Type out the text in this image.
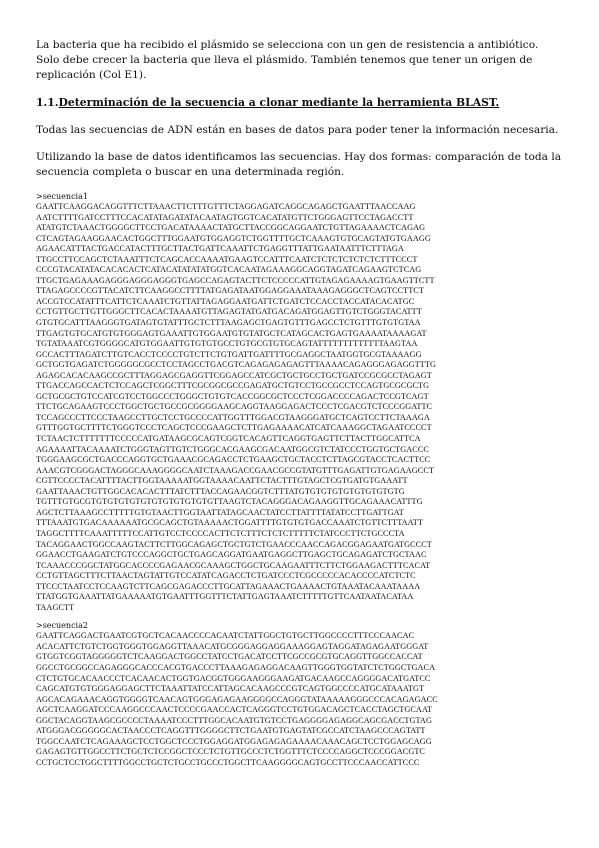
La bacteria que ha recibido el plásmido se selecciona con un gen de resistencia a antibiótico. Solo debe crecer la bacteria que lleva el plásmido. También tenemos que tener un origen de replicación (Col E1).

1.1.Determinación de la secuencia a clonar mediante la herramienta BLAST.

Todas las secuencias de ADN están en bases de datos para poder tener la información necesaria.

Utilizando la base de datos identificamos las secuencias. Hay dos formas: comparación de toda la secuencia completa o buscar en una determinada región.

>secuencia1

GAATTCAAGGACAGGTTTCTTAAACTTCTTTGTTTCTAGGAGATCAGGCAGAGCTGAATTTAACCAAG
AATCTTTTGATCCTTTCCACATATAGATATACAATAGTGGTCACATATGTTCTGGGAGTTCCTAGACCTT
ATATGTCTAAACTGGGGCTTCCTGACATAAAACTATGCTTACCGGCAGGAATCTGTTAGAAAACTCAGAG
CTCAGTAGAAGGAACACTGGCTTTGGAATGTGGAGGTCTGGTTTTGCTCAAAGTGTGCAGTATGTGAAGG
AGAACATTTACTGACCATACTTTGCTTACTGATTCAAATTCTGAGGTTTATTGAATAATTTCTTTAGA
TTGCCTTCCAGCTCTAAATTTCTCAGCACCAAAATGAAGTCCATTTCAATCTCTCTCTCTCTCTTTCCCT
CCCGTACATATACACACACTCATACATATATATGGTCACAATAGAAAGGCAGGTAGATCAGAAGTCTCAG
TTGCTGAGAAAGAGGGAGGGAGGGTGAGCCAGAGTACTTCTCCCCCATTGTAGAGAAAAGTGAAGTTCTT
TTAGAGCCCCGTTACATCTTCAAGGCCTTTTATGAGATAATGGAGGAAATAAAGAGGGCTCAGTCCTTCT
ACCGTCCATATTTCATTCTCAAATCTGTTATTAGAGGAATGATTCTGATCTCCACCTACCATACACATGC
CCTGTTGCTTGTTGGGCTTCACACTAAAATGTTAGAGTATGATGACAGATGGAGTTGTCTGGGTACATTT
GTGTGCATTTAAGGGTGATAGTGTATTTGCTCTTTAAGAGCTGAGTGTTTGAGCCTCTGTTTGTGTGTAA
TTGAGTGTGCATGTGTGGGAGTGAAATTGTGGAATGTGTATGCTCATAGCACTGAGTGAAAATAAAAGAT
TGTATAAATCGTGGGGCATGTGGAATTGTGTGTGCCTGTGCGTGTGCAGTATTTTTTTTTTTTTAAGTAA
GCCACTTTAGATCTTGTCACCTCCCCTGTCTTCTGTGATTGATTTTGCGAGGCTAATGGTGCGTAAAAGG
GCTGGTGAGATCTGGGGGCGCCTCCTAGCCTGACGTCAGAGAGAGAGTTTAAAACAGAGGGAGAGGTTTG
AGAGCACACAAGCCGCTTTAGGAGCGAGGTTCGGAGCCATCGCTGCTGCCTGCTGATCCGCGCCTAGAGT
TTGACCAGCCACTCTCCAGCTCGGCTTTCGCGGCGCCGAGATGCTGTCCTGCCGCCTCCAGTGCGCGCTG
GCTGCGCTGTCCATCGTCCTGGCCCTGGGCTGTGTCACCGGCGCTCCCTCGGACCCCAGACTCCGTCAGT
TTCTGCAGAAGTCCCTGGCTGCTGCCGCGGGGAAGCAGGTAAGGAGACTCCCTCGACGTCTCCCGGATTC
TCCAGCCCTTCCCTAAGCCTTGCTCCTGCCCCATTGGTTTGGACGTAAGGGATGCTCAGTCCTTCTAAAGA
GTTTGGTGCTTTTCTGGGTCCCTCAGCTCCCGAAGCTCTTGAGAAAACATCATCAAAGGCTAGAATCCCCT
TCTAACTCTTTTTTTCCCCCATGATAAGCGCAGTCGGTCACAGTTCAGGTGAGTTCTTACTTGGCATTCA
AGAAAATTACAAAATCTGGGTAGTTGTCTGGGCACGAAGCGACAATGGCGTCTATCCCTGGTGCTGACCC
TGGGAAGCGCTGACCCAGGTGCTGAAACGCAGACCTCTGAAGCTGCTACCTCTTAGCGTACCTCACTTCC
AAACGTCGGGACTAGGGCAAAGGGGCAATCTAAAGACCGAACGCCGTATGTTTGAGATTGTGAGAAGCCT
CGTTCCCCTACATTTTACTTGGTAAAAATGGTAAAACAATTCTACTTTGTAGCTCGTGATGTGAAATT
GAATTAAACTGTTGGCACACACTTTATCTTTACCAGAACGGTCTTTATGTGTGTGTGTGTGTGTGTG
TGTTTGTGCGTGTGTGTGTGTGTGTGTGTGTGTTAAGTCTACAGGGACAGAAGGTTGCAGAAACATTTG
AGCTCTTAAAGCCTTTTTGTGTAACTTGGTAATTATAGCAACTATCCTTATTTTATATCCTTGATTGAT
TTTAAATGTGACAAAAAATGCGCAGCTGTAAAAACTGGATTTTGTGTGTGACCAAATCTGTTCTTTAATT
TAGGCTTTTCAAATTTTTCCATTGTCCTCCCCACTTCTCTTTCTCTCTTTTTCTATCCCTTCTGCCCTA
TACAGGAACTGGCCAAGTACTTCTTGGCAGAGCTGCTGTCTGAACCCAACCAGACGGAGAATGATGCCCT
GGAACCTGAAGATCTGTCCCAGGCTGCTGAGCAGGATGAATGAGGCTTGAGCTGCAGAGATCTGCTAAC
TCAAACCCGGCTATGGCACCCCGAGAACGCAAAGCTGGCTGCAAGAATTTCTTCTGGAAGACTTTCACAT
CCTGTTAGCTTTCTTAACTAGTATTGTCCATATCAGACCTCTGATCCCTCGCCCCCACACCCCATCTCTC
TTCCCTAATCCTCCAAGTCTTCAGCGAGACCCTTGCATTAGAAACTGAAAACTGTAAATACAAATAAAA
TTATGGTGAAATTATGAAAAATGTGAATTTGGTTTCTATTGAGTAAATCTTTTTGTTCAATAATACATAA
TAAGCTT

>secuencia2

GAATTCAGGACTGAATCGTGCTCACAACCCCACAATCTATTGGCTGTGCTTGGCCCCTTTCCCAACAC
ACACATTCTGTCTGGTGGGTGGAGGTTAAACATGCGGGAGGAGGAAAGGAGTAGGATAGAGAATGGGAT
GTGGTCGGTAGGGGGTCTCAAGGACTGGCCTATCCTGACATCCTTCGCCGCGTGCAGGTTGGCCACCAT
GGCCTGCGGCCAGAGGGCACCCACGTGACCCTTAAAGAGAGGACAAGTTGGGTGGTATCTCTGGCTGACA
CTCTGTGCACAACCCTCACAACACTGGTGACGGTGGGAAGGGAAGATGACAAGCCAGGGGACATGATCC
CAGCATGTGTGGGAGGAGCTTCTAAATTATCCATTAGCACAAGCCCGTCAGTGGCCCCATGCATAAATGT
AGCACAGAAACAGGTGGGGTCAACAGTGGGAGAGAAGGGGCCAGGGTATAAAAAGGGCCCACAGAGACC
AGCTCAAGGATCCCAAGGCCCAACTCCCCGAACCACTCAGGGTCCTGTGGACAGCTCACCTAGCTGCAAT
GGCTACAGGTAAGCGCCCCTAAAATCCCTTTGGCACAATGTGTCCTGAGGGGAGAGGCAGCGACCTGTAG
ATGGGACGGGGGCACTAACCCTCAGGTTTGGGGCTTCTGAATGTGAGTATCGCCATCTAAGCCCAGTATT
TGGCCAATCTCAGAAAGCTCCTGGCTCCCTGGAGGATGGAGAGAGAAAACAAACAGCTCCTGGAGCAGG
GAGAGTGTTGGCCTTCTGCTCTCCGGCTCCCTCTGTTGCCCTCTGGTTTCTCCCCAGGCTCCCGGACGTC
CCTGCTCCTGGCTTTTGGCCTGCTCTGCCTGCCCTGGCTTCAAGGGGCAGTGCCTTCCCAACCATTCCC
